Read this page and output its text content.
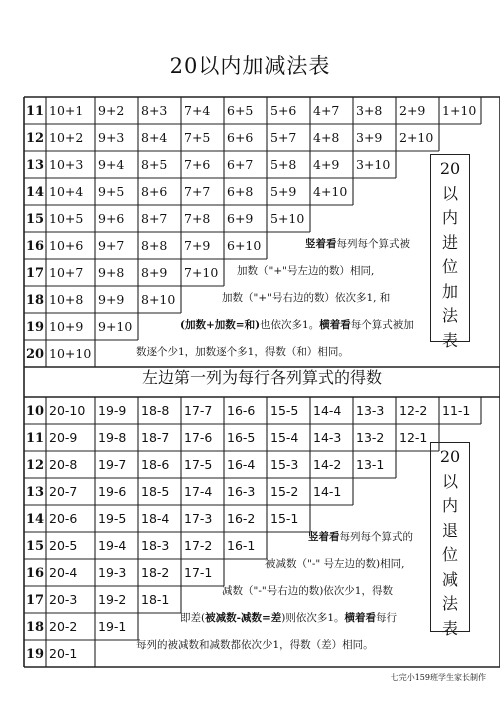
20以内加减法表
11 10+1 9+2 8+3 7+4 6+5 5+6 4+7 3+8 2+9 1+10
12 10+2 9+3 8+4 7+5 6+6 5+7 4+8 3+9 2+10
13 10+3 9+4 8+5 7+6 6+7 5+8 4+9 3+10
14 10+4 9+5 8+6 7+7 6+8 5+9 4+10
15 10+5 9+6 8+7 7+8 6+9 5+10
16 10+6 9+7 8+8 7+9 6+10
17 10+7 9+8 8+9 7+10
18 10+8 9+9 8+10
19 10+9 9+10
20 10+10
10 20-10 19-9 18-8 17-7 16-6 15-5 14-4 13-3 12-2 11-1
11 20-9 19-8 18-7 17-6 16-5 15-4 14-3 13-2 12-1
12 20-8 19-7 18-6 17-5 16-4 15-3 14-2 13-1
13 20-7 19-6 18-5 17-4 16-3 15-2 14-1
14 20-6 19-5 18-4 17-3 16-2 15-1
15 20-5 19-4 18-3 17-2 16-1
16 20-4 19-3 18-2 17-1
17 20-3 19-2 18-1
18 20-2 19-1
19 20-1
20
以
内
进
位
加
法
表
竖着看每列每个算式被
加数（"+"号左边的数）相同,
加数（"+"号右边的数）依次多1, 和
(加数+加数=和)也依次多1。横着看每个算式被加
数逐个少1，加数逐个多1，得数（和）相同。
左边第一列为每行各列算式的得数
20
以
内
退
位
减
法
表
竖着看每列每个算式的
被减数（"-" 号左边的数)相同,
减数（"-"号右边的数)依次少1，得数
即差(被减数-减数=差)则依次多1。横着看每行
每列的被减数和减数都依次少1，得数（差）相同。
七完小159班学生家长制作
